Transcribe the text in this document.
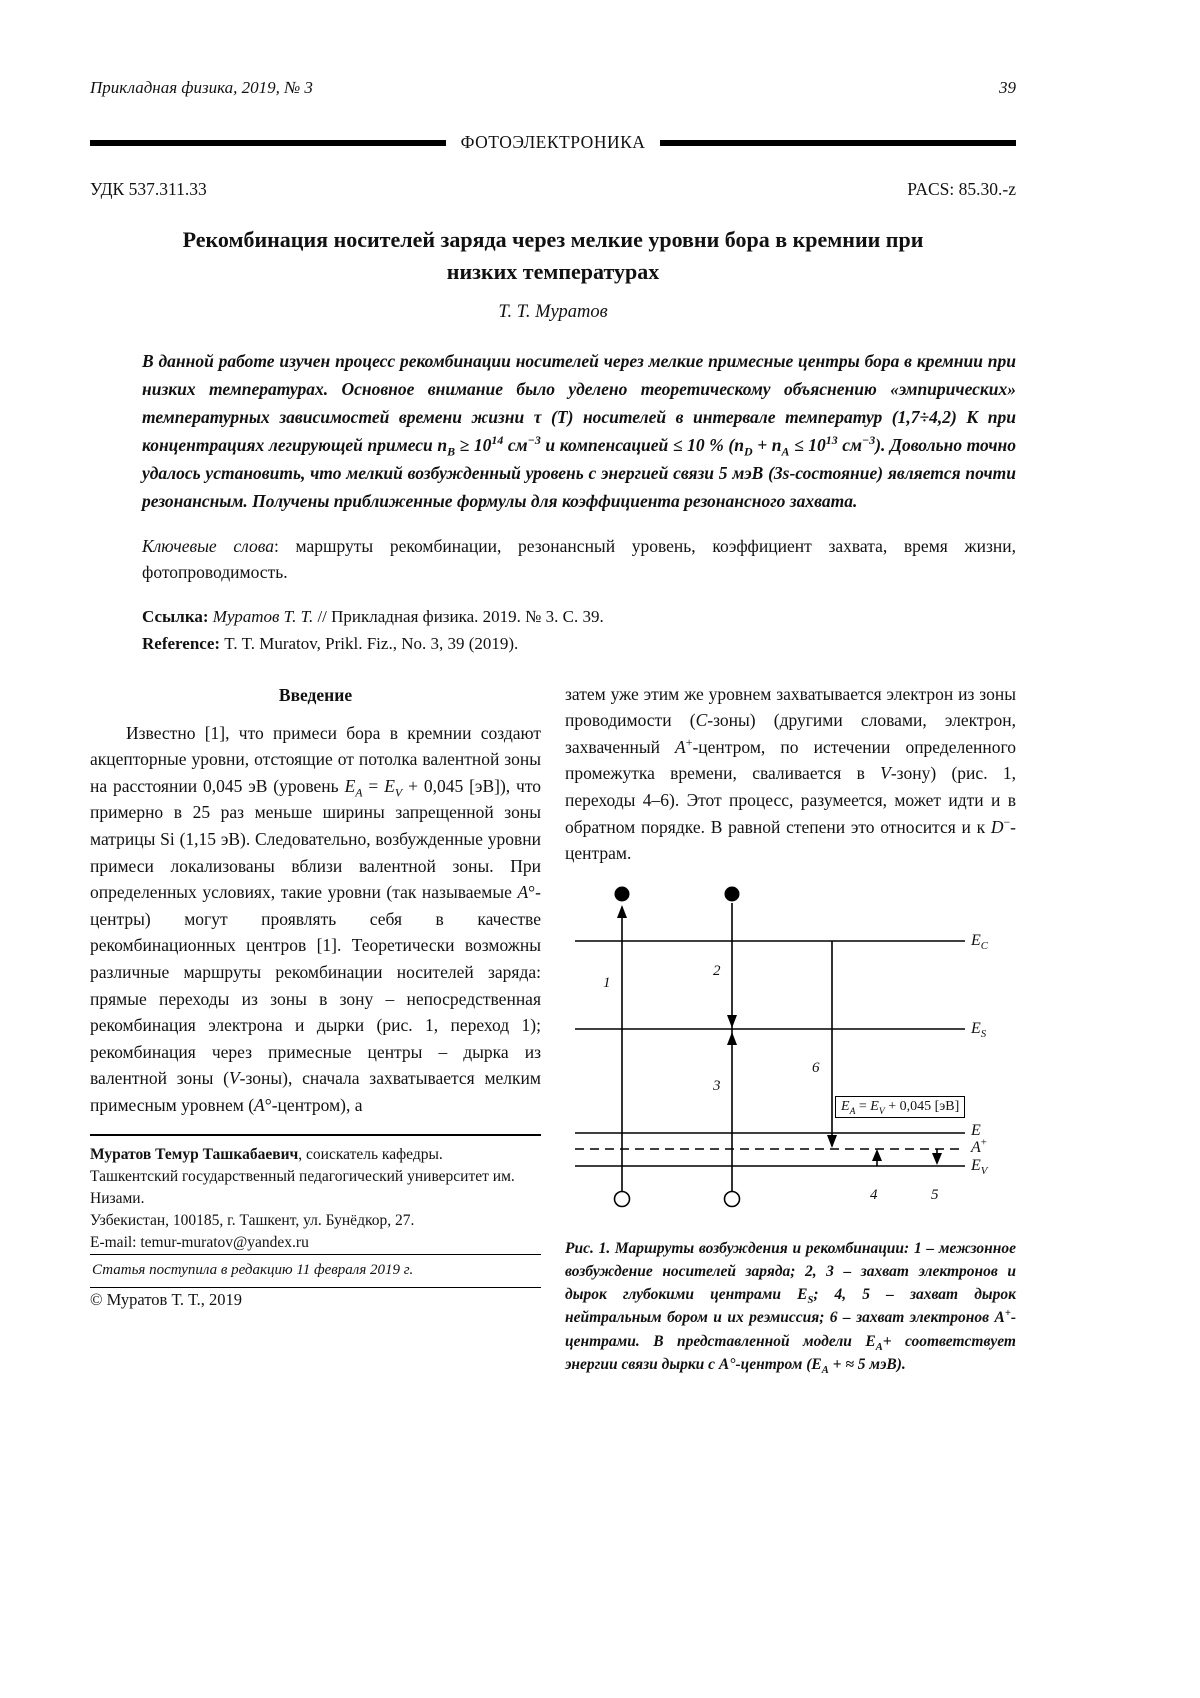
Прикладная физика, 2019, № 3	39
ФОТОЭЛЕКТРОНИКА
УДК 537.311.33	PACS: 85.30.-z
Рекомбинация носителей заряда через мелкие уровни бора в кремнии при низких температурах
Т. Т. Муратов

В данной работе изучен процесс рекомбинации носителей через мелкие примесные центры бора в кремнии при низких температурах. Основное внимание было уделено теоретическому объяснению «эмпирических» температурных зависимостей времени жизни τ (T) носителей в интервале температур (1,7÷4,2) К при концентрациях легирующей примеси $n_B \ge 10^{14}$ $см^{-3}$ и компенсацией ≤ 10 % ($n_D + n_A \le 10^{13}$ $см^{-3}$). Довольно точно удалось установить, что мелкий возбужденный уровень с энергией связи 5 мэВ (3s-состояние) является почти резонансным. Получены приближенные формулы для коэффициента резонансного захвата.

Ключевые слова: маршруты рекомбинации, резонансный уровень, коэффициент захвата, время жизни, фотопроводимость.

Ссылка: Муратов Т. Т. // Прикладная физика. 2019. № 3. С. 39.

Reference: T. T. Muratov, Prikl. Fiz., No. 3, 39 (2019).

Введение

Известно [1], что примеси бора в кремнии создают акцепторные уровни, отстоящие от потолка валентной зоны на расстоянии 0,045 эВ (уровень $E_A = E_V + 0,045$ [эВ]), что примерно в 25 раз меньше ширины запрещенной зоны матрицы Si (1,15 эВ). Следовательно, возбужденные уровни примеси локализованы вблизи валентной зоны. При определенных условиях, такие уровни (так называемые A°-центры) могут проявлять себя в качестве рекомбинационных центров [1]. Теоретически возможны различные маршруты рекомбинации носителей заряда: прямые переходы из зоны в зону – непосредственная рекомбинация электрона и дырки (рис. 1, переход 1); рекомбинация через примесные центры – дырка из валентной зоны (V-зоны), сначала захватывается мелким примесным уровнем (A°-центром), а

Муратов Темур Ташкабаевич, соискатель кафедры.

Ташкентский государственный педагогический университет им. Низами.

Узбекистан, 100185, г. Ташкент, ул. Бунёдкор, 27.

E-mail: temur-muratov@yandex.ru

Статья поступила в редакцию 11 февраля 2019 г.

© Муратов Т. Т., 2019

затем уже этим же уровнем захватывается электрон из зоны проводимости (C-зоны) (другими словами, электрон, захваченный A+-центром, по истечении определенного промежутка времени, сваливается в V-зону) (рис. 1, переходы 4–6). Этот процесс, разумеется, может идти и в обратном порядке. В равной степени это относится и к D−-центрам.

$E_C$
$E_S$
E
A+
$E_V$
1
2
3
6
4	5
$E_A = E_V + 0,045$ [эВ]

Рис. 1. Маршруты возбуждения и рекомбинации: 1 – межзонное возбуждение носителей заряда; 2, 3 – захват электронов и дырок глубокими центрами $E_S$; 4, 5 – захват дырок нейтральным бором и их реэмиссия; 6 – захват электронов A+-центрами. В представленной модели $E_A+$ соответствует энергии связи дырки с A°-центром ($E_A$ + ≈ 5 мэВ).
